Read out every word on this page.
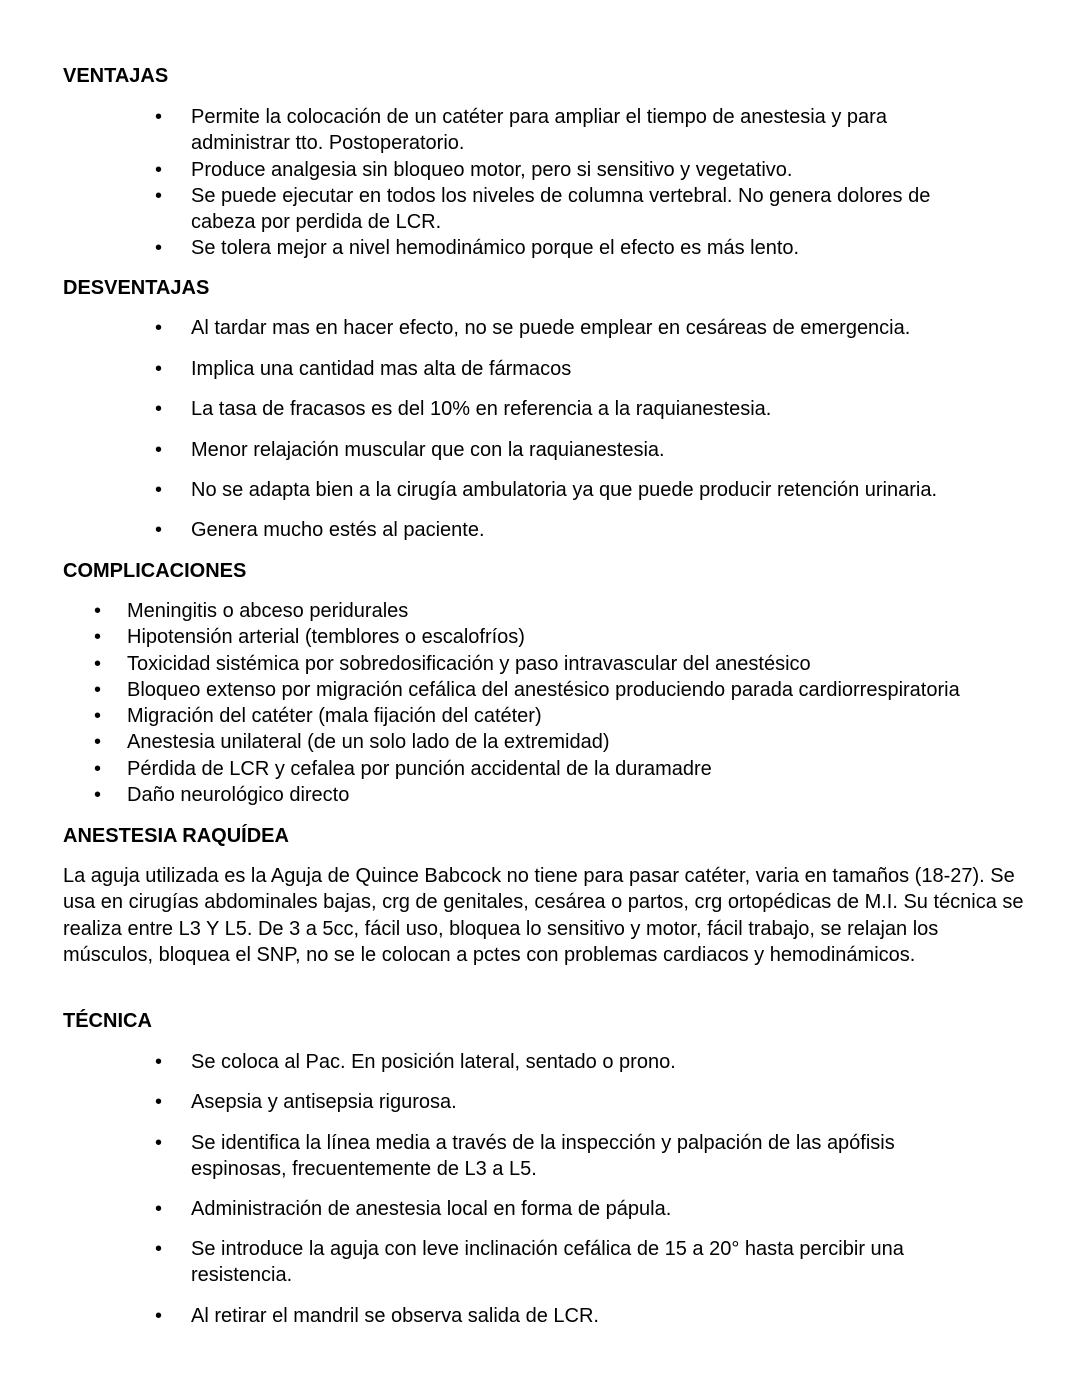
VENTAJAS
• Permite la colocación de un catéter para ampliar el tiempo de anestesia y para administrar tto. Postoperatorio.
• Produce analgesia sin bloqueo motor, pero si sensitivo y vegetativo.
• Se puede ejecutar en todos los niveles de columna vertebral. No genera dolores de cabeza por perdida de LCR.
• Se tolera mejor a nivel hemodinámico porque el efecto es más lento.
DESVENTAJAS
• Al tardar mas en hacer efecto, no se puede emplear en cesáreas de emergencia.
• Implica una cantidad mas alta de fármacos
• La tasa de fracasos es del 10% en referencia a la raquianestesia.
• Menor relajación muscular que con la raquianestesia.
• No se adapta bien a la cirugía ambulatoria ya que puede producir retención urinaria.
• Genera mucho estés al paciente.
COMPLICACIONES
• Meningitis o abceso peridurales
• Hipotensión arterial (temblores o escalofríos)
• Toxicidad sistémica por sobredosificación y paso intravascular del anestésico
• Bloqueo extenso por migración cefálica del anestésico produciendo parada cardiorrespiratoria
• Migración del catéter (mala fijación del catéter)
• Anestesia unilateral (de un solo lado de la extremidad)
• Pérdida de LCR y cefalea por punción accidental de la duramadre
• Daño neurológico directo
ANESTESIA RAQUÍDEA

La aguja utilizada es la Aguja de Quince Babcock no tiene para pasar catéter, varia en tamaños (18-27). Se usa en cirugías abdominales bajas, crg de genitales, cesárea o partos, crg ortopédicas de M.I. Su técnica se realiza entre L3 Y L5. De 3 a 5cc, fácil uso, bloquea lo sensitivo y motor, fácil trabajo, se relajan los músculos, bloquea el SNP, no se le colocan a pctes con problemas cardiacos y hemodinámicos.

TÉCNICA
• Se coloca al Pac. En posición lateral, sentado o prono.
• Asepsia y antisepsia rigurosa.
• Se identifica la línea media a través de la inspección y palpación de las apófisis espinosas, frecuentemente de L3 a L5.
• Administración de anestesia local en forma de pápula.
• Se introduce la aguja con leve inclinación cefálica de 15 a 20° hasta percibir una resistencia.
• Al retirar el mandril se observa salida de LCR.
